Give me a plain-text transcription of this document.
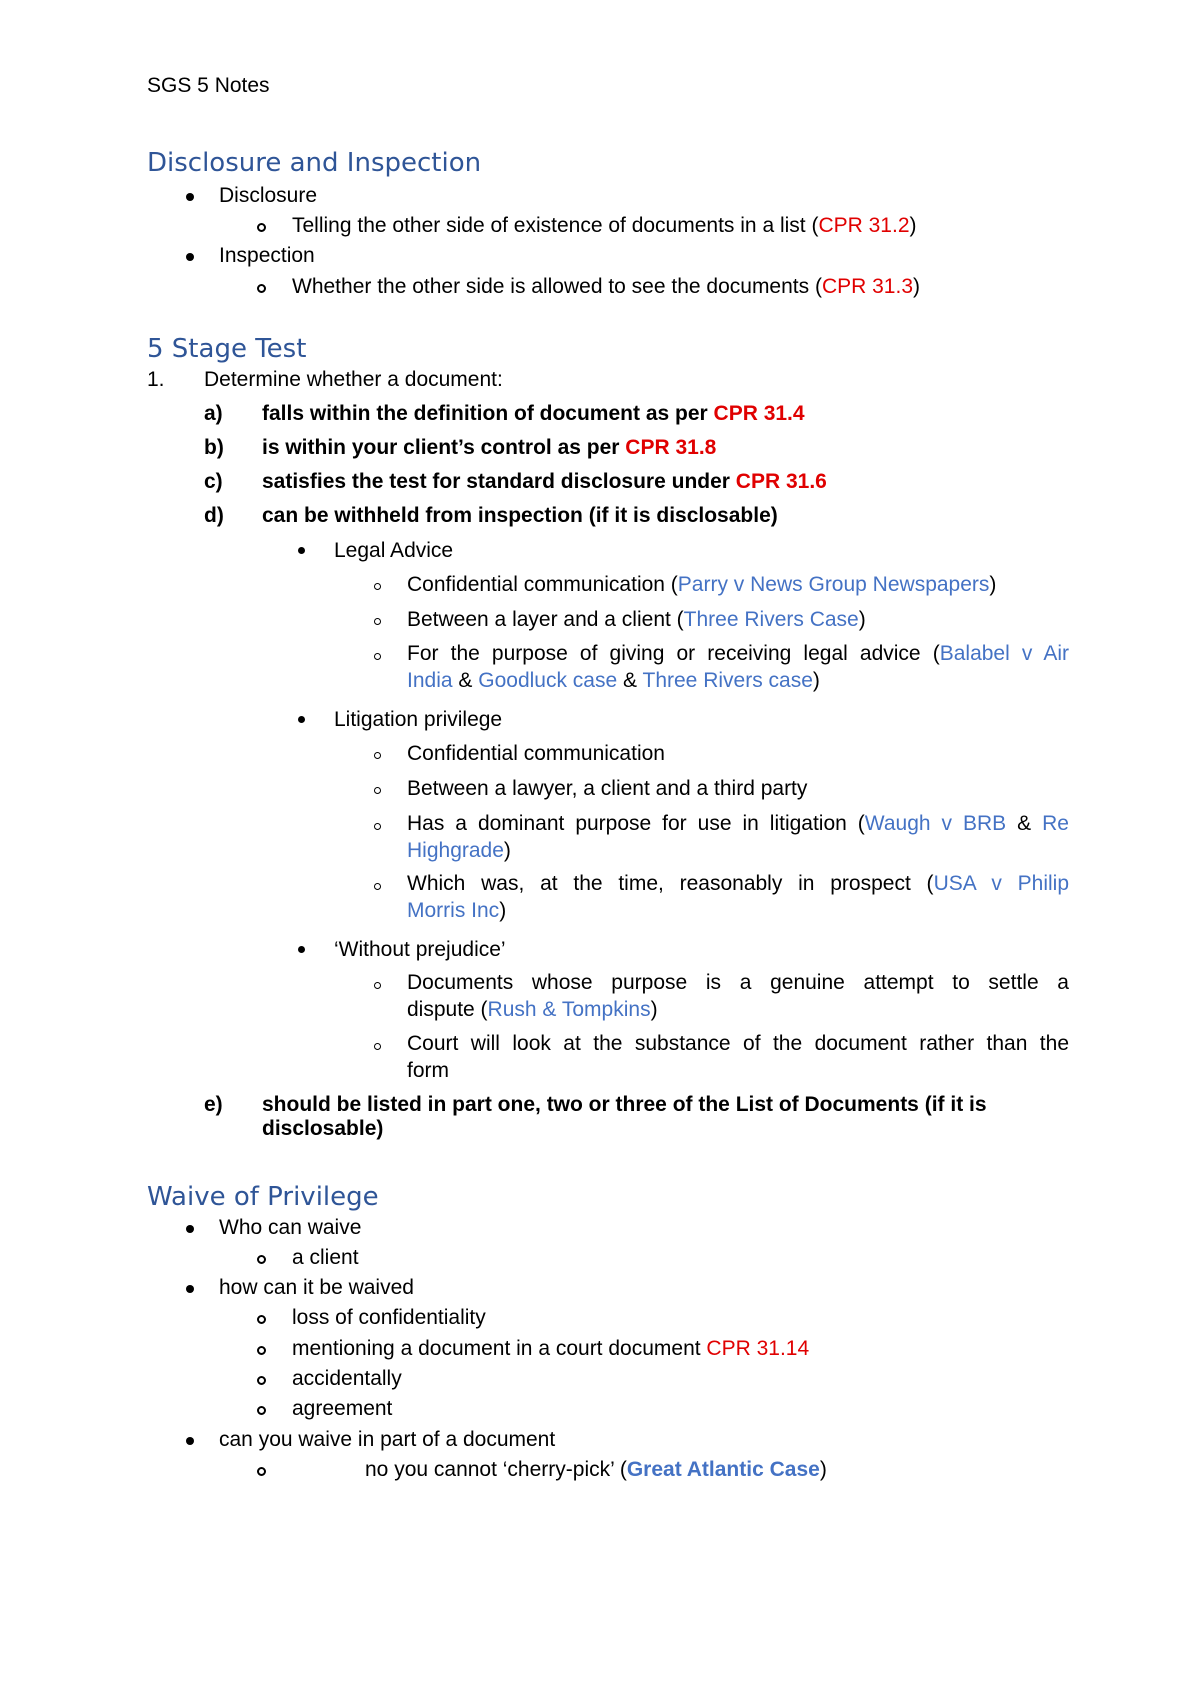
SGS 5 Notes
Disclosure and Inspection
Disclosure
Telling the other side of existence of documents in a list (CPR 31.2)
Inspection
Whether the other side is allowed to see the documents (CPR 31.3)
5 Stage Test
1. Determine whether a document:
a) falls within the definition of document as per CPR 31.4
b) is within your client’s control as per CPR 31.8
c) satisfies the test for standard disclosure under CPR 31.6
d) can be withheld from inspection (if it is disclosable)
Legal Advice
Confidential communication (Parry v News Group Newspapers)
Between a layer and a client (Three Rivers Case)
For the purpose of giving or receiving legal advice (Balabel v Air
India & Goodluck case & Three Rivers case)
Litigation privilege
Confidential communication
Between a lawyer, a client and a third party
Has a dominant purpose for use in litigation (Waugh v BRB & Re
Highgrade)
Which was, at the time, reasonably in prospect (USA v Philip
Morris Inc)
‘Without prejudice’
Documents whose purpose is a genuine attempt to settle a
dispute (Rush & Tompkins)
Court will look at the substance of the document rather than the
form
e) should be listed in part one, two or three of the List of Documents (if it is
disclosable)
Waive of Privilege
Who can waive
a client
how can it be waived
loss of confidentiality
mentioning a document in a court document CPR 31.14
accidentally
agreement
can you waive in part of a document
no you cannot ‘cherry-pick’ (Great Atlantic Case)
